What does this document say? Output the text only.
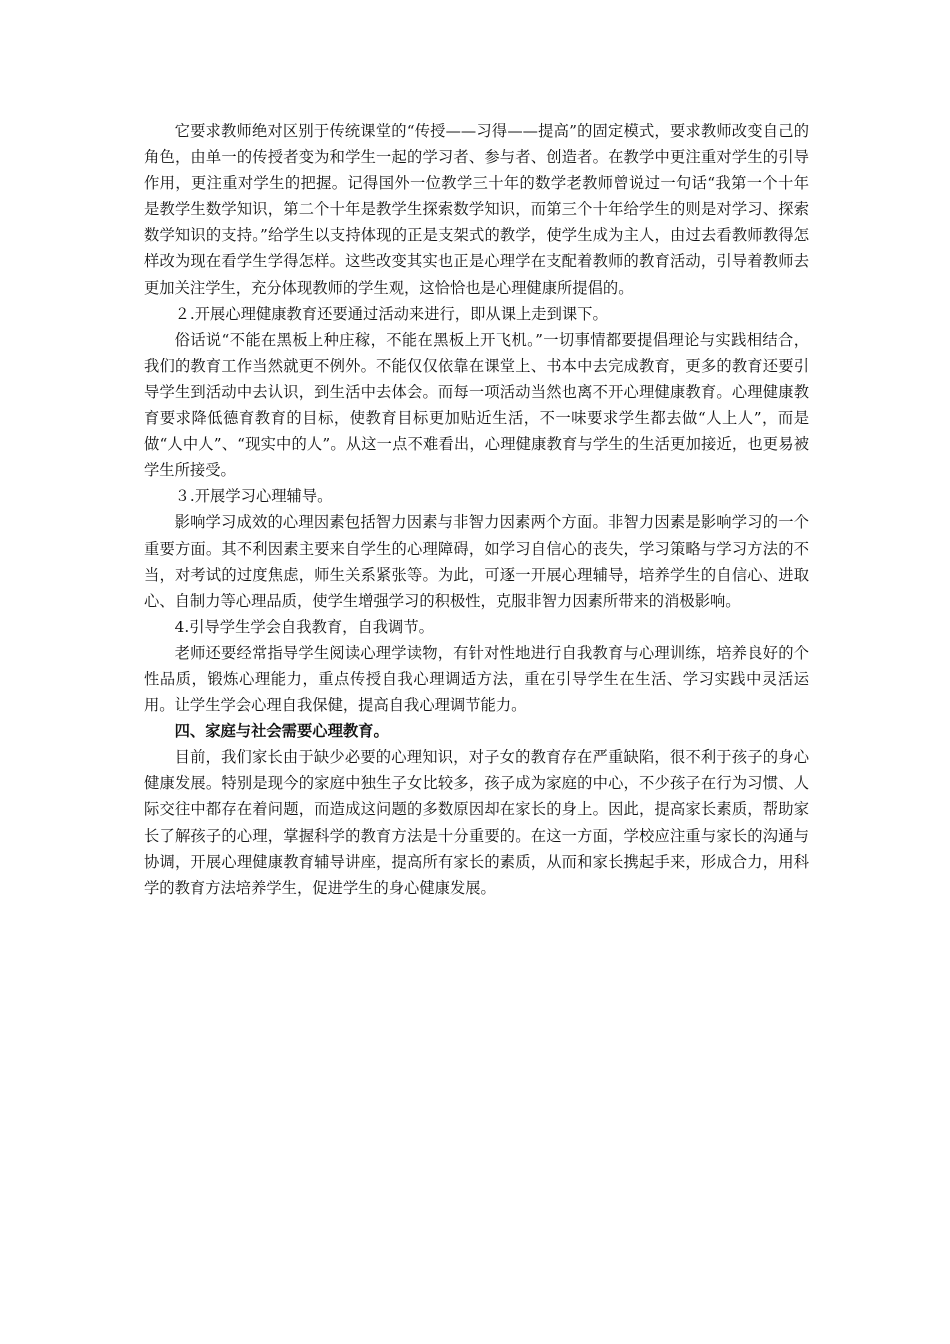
它要求教师绝对区别于传统课堂的“传授——习得——提高”的固定模式，要求教师改变自己的角色，由单一的传授者变为和学生一起的学习者、参与者、创造者。在教学中更注重对学生的引导作用，更注重对学生的把握。记得国外一位教学三十年的数学老教师曾说过一句话“我第一个十年是教学生数学知识，第二个十年是教学生探索数学知识，而第三个十年给学生的则是对学习、探索数学知识的支持。”给学生以支持体现的正是支架式的教学，使学生成为主人，由过去看教师教得怎样改为现在看学生学得怎样。这些改变其实也正是心理学在支配着教师的教育活动，引导着教师去更加关注学生，充分体现教师的学生观，这恰恰也是心理健康所提倡的。

２.开展心理健康教育还要通过活动来进行，即从课上走到课下。

俗话说“不能在黑板上种庄稼，不能在黑板上开飞机。”一切事情都要提倡理论与实践相结合，我们的教育工作当然就更不例外。不能仅仅依靠在课堂上、书本中去完成教育，更多的教育还要引导学生到活动中去认识，到生活中去体会。而每一项活动当然也离不开心理健康教育。心理健康教育要求降低德育教育的目标，使教育目标更加贴近生活，不一味要求学生都去做“人上人”，而是做“人中人”、“现实中的人”。从这一点不难看出，心理健康教育与学生的生活更加接近，也更易被学生所接受。

３.开展学习心理辅导。

影响学习成效的心理因素包括智力因素与非智力因素两个方面。非智力因素是影响学习的一个重要方面。其不利因素主要来自学生的心理障碍，如学习自信心的丧失，学习策略与学习方法的不当，对考试的过度焦虑，师生关系紧张等。为此，可逐一开展心理辅导，培养学生的自信心、进取心、自制力等心理品质，使学生增强学习的积极性，克服非智力因素所带来的消极影响。

4.引导学生学会自我教育，自我调节。

老师还要经常指导学生阅读心理学读物，有针对性地进行自我教育与心理训练，培养良好的个性品质，锻炼心理能力，重点传授自我心理调适方法，重在引导学生在生活、学习实践中灵活运用。让学生学会心理自我保健，提高自我心理调节能力。

四、家庭与社会需要心理教育。

目前，我们家长由于缺少必要的心理知识，对子女的教育存在严重缺陷，很不利于孩子的身心健康发展。特别是现今的家庭中独生子女比较多，孩子成为家庭的中心，不少孩子在行为习惯、人际交往中都存在着问题，而造成这问题的多数原因却在家长的身上。因此，提高家长素质，帮助家长了解孩子的心理，掌握科学的教育方法是十分重要的。在这一方面，学校应注重与家长的沟通与协调，开展心理健康教育辅导讲座，提高所有家长的素质，从而和家长携起手来，形成合力，用科学的教育方法培养学生，促进学生的身心健康发展。
